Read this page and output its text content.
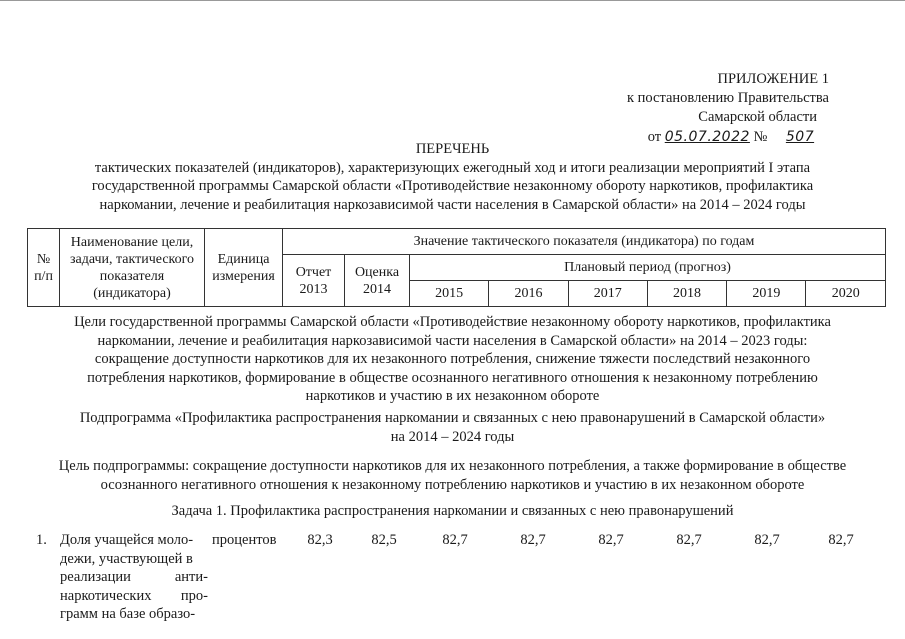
ПРИЛОЖЕНИЕ 1
к постановлению Правительства
Самарской области
от 05.07.2022 № 507
ПЕРЕЧЕНЬ
тактических показателей (индикаторов), характеризующих ежегодный ход и итоги реализации мероприятий I этапа
государственной программы Самарской области «Противодействие незаконному обороту наркотиков, профилактика
наркомании, лечение и реабилитация наркозависимой части населения в Самарской области» на 2014 – 2024 годы
№ п/п	Наименование цели, задачи, тактического показателя (индикатора)	Единица измерения	Значение тактического показателя (индикатора) по годам							
			Отчет 2013	Оценка 2014	Плановый период (прогноз)					
					2015	2016	2017	2018	2019	2020
Цели государственной программы Самарской области «Противодействие незаконному обороту наркотиков, профилактика
наркомании, лечение и реабилитация наркозависимой части населения в Самарской области» на 2014 – 2023 годы:
сокращение доступности наркотиков для их незаконного потребления, снижение тяжести последствий незаконного
потребления наркотиков, формирование в обществе осознанного негативного отношения к незаконному потреблению
наркотиков и участию в их незаконном обороте
Подпрограмма «Профилактика распространения наркомании и связанных с нею правонарушений в Самарской области»
на 2014 – 2024 годы
Цель подпрограммы: сокращение доступности наркотиков для их незаконного потребления, а также формирование в обществе
осознанного негативного отношения к незаконному потреблению наркотиков и участию в их незаконном обороте
Задача 1. Профилактика распространения наркомании и связанных с нею правонарушений
1. Доля учащейся моло-
дежи, участвующей в
реализации анти-
наркотических про-
грамм на базе образо-
процентов	82,3	82,5	82,7	82,7	82,7	82,7	82,7	82,7
